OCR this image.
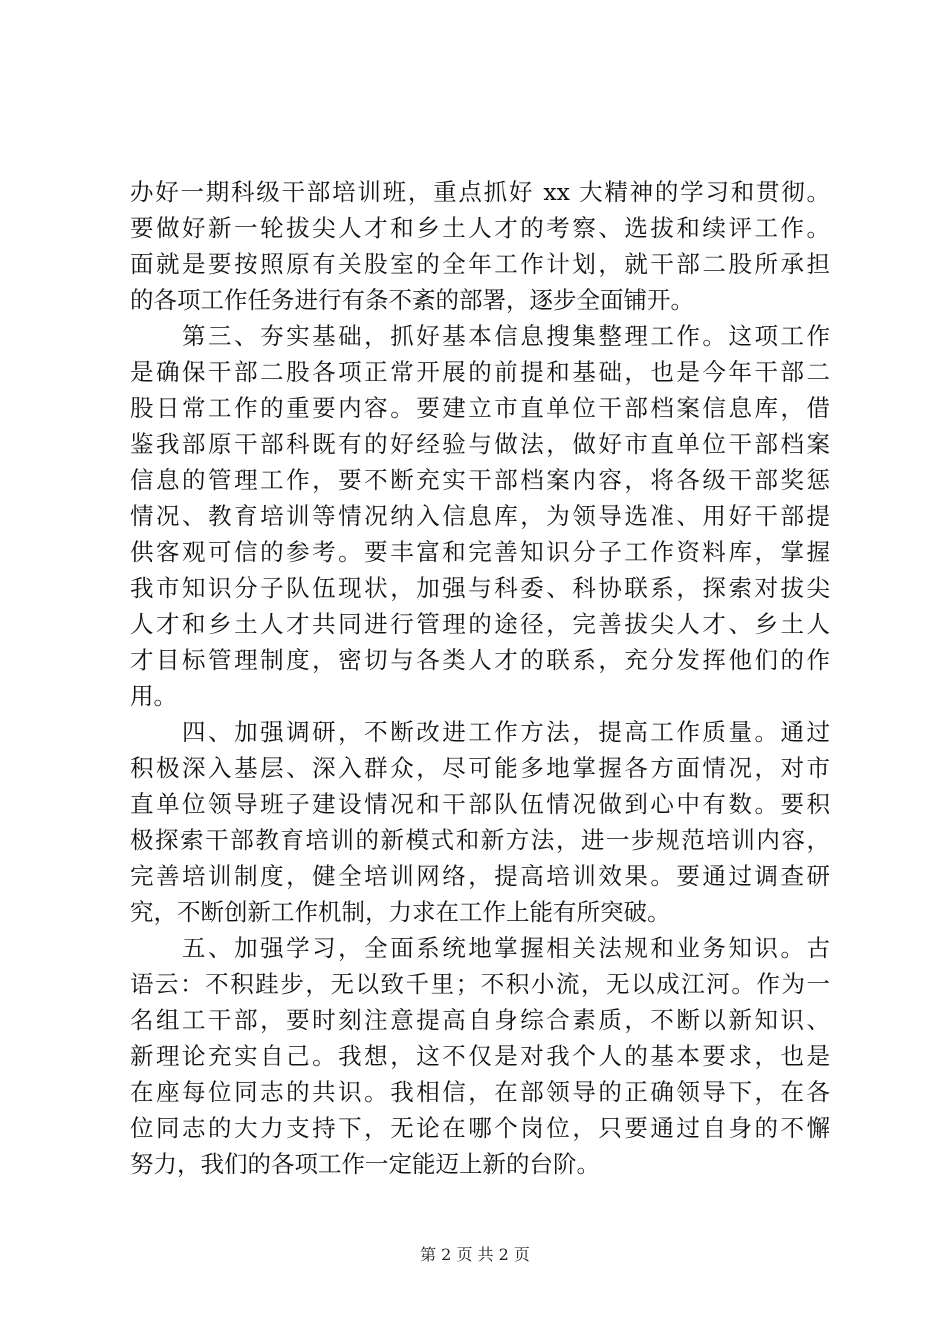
办好一期科级干部培训班，重点抓好 xx 大精神的学习和贯彻。
要做好新一轮拔尖人才和乡土人才的考察、选拔和续评工作。
面就是要按照原有关股室的全年工作计划，就干部二股所承担
的各项工作任务进行有条不紊的部署，逐步全面铺开。
　　第三、夯实基础，抓好基本信息搜集整理工作。这项工作
是确保干部二股各项正常开展的前提和基础，也是今年干部二
股日常工作的重要内容。要建立市直单位干部档案信息库，借
鉴我部原干部科既有的好经验与做法，做好市直单位干部档案
信息的管理工作，要不断充实干部档案内容，将各级干部奖惩
情况、教育培训等情况纳入信息库，为领导选准、用好干部提
供客观可信的参考。要丰富和完善知识分子工作资料库，掌握
我市知识分子队伍现状，加强与科委、科协联系，探索对拔尖
人才和乡土人才共同进行管理的途径，完善拔尖人才、乡土人
才目标管理制度，密切与各类人才的联系，充分发挥他们的作
用。
　　四、加强调研，不断改进工作方法，提高工作质量。通过
积极深入基层、深入群众，尽可能多地掌握各方面情况，对市
直单位领导班子建设情况和干部队伍情况做到心中有数。要积
极探索干部教育培训的新模式和新方法，进一步规范培训内容，
完善培训制度，健全培训网络，提高培训效果。要通过调查研
究，不断创新工作机制，力求在工作上能有所突破。
　　五、加强学习，全面系统地掌握相关法规和业务知识。古
语云：不积跬步，无以致千里；不积小流，无以成江河。作为一
名组工干部，要时刻注意提高自身综合素质，不断以新知识、
新理论充实自己。我想，这不仅是对我个人的基本要求，也是
在座每位同志的共识。我相信，在部领导的正确领导下，在各
位同志的大力支持下，无论在哪个岗位，只要通过自身的不懈
努力，我们的各项工作一定能迈上新的台阶。
第 2 页 共 2 页
